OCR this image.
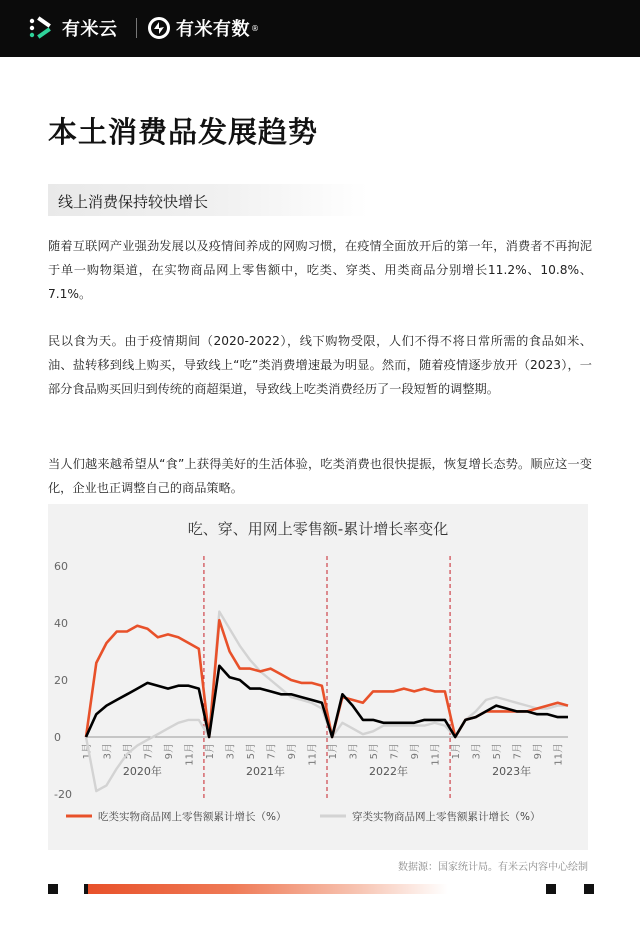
有米云	有米有数 ®
本土消费品发展趋势
线上消费保持较快增长

随着互联网产业强劲发展以及疫情间养成的网购习惯，在疫情全面放开后的第一年，消费者不再拘泥于单一购物渠道，在实物商品网上零售额中，吃类、穿类、用类商品分别增长11.2%、10.8%、7.1%。

民以食为天。由于疫情期间（2020-2022），线下购物受限，人们不得不将日常所需的食品如米、油、盐转移到线上购买，导致线上“吃”类消费增速最为明显。然而，随着疫情逐步放开（2023），一部分食品购买回归到传统的商超渠道，导致线上吃类消费经历了一段短暂的调整期。

当人们越来越希望从“食”上获得美好的生活体验，吃类消费也很快提振，恢复增长态势。顺应这一变化，企业也正调整自己的商品策略。

吃、穿、用网上零售额-累计增长率变化
-20
0
20
40
60
1月 3月 5月 7月 9月 11月
2020年
1月 3月 5月 7月 9月 11月
2021年
1月 3月 5月 7月 9月 11月
2022年
1月 3月 5月 7月 9月 11月
2023年
吃类实物商品网上零售额累计增长（%）	穿类实物商品网上零售额累计增长（%）
数据源：国家统计局。有米云内容中心绘制
